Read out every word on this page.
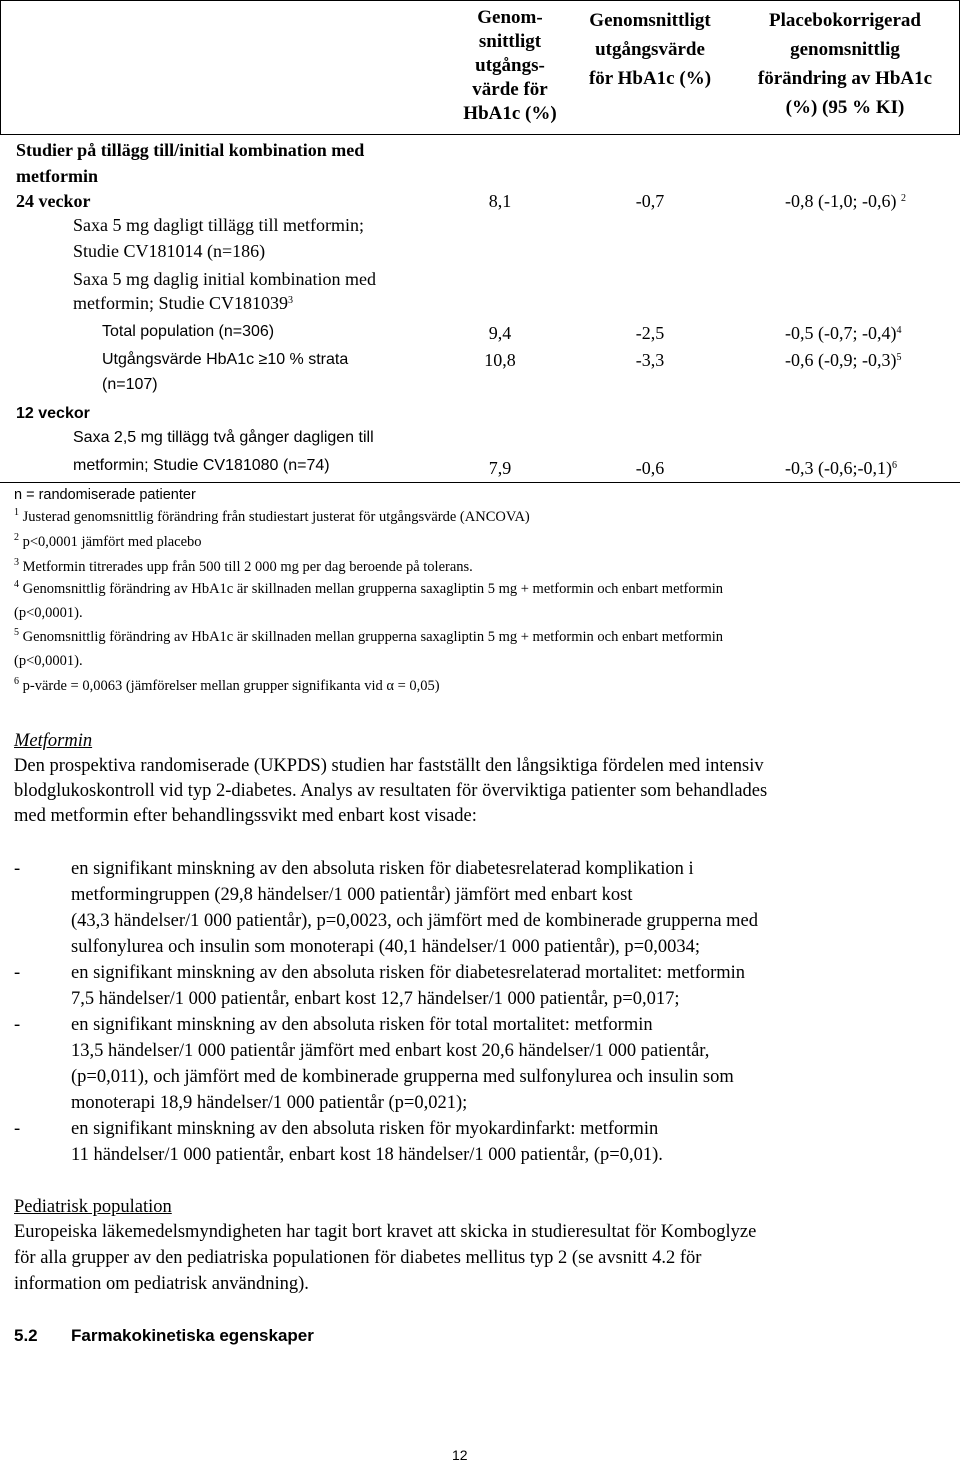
Genom-
snittligt
utgångs-
värde för
HbA1c (%)
Genomsnittligt
utgångsvärde
för HbA1c (%)
Placebokorrigerad
genomsnittlig
förändring av HbA1c
(%) (95 % KI)
Studier på tillägg till/initial kombination med
metformin
24 veckor	8,1	-0,7	-0,8 (-1,0; -0,6) $^2$
Saxa 5 mg dagligt tillägg till metformin;
Studie CV181014 (n=186)
Saxa 5 mg daglig initial kombination med
metformin; Studie CV181039$^3$
Total population (n=306)	9,4	-2,5	-0,5 (-0,7; -0,4)$^4$
Utgångsvärde HbA1c ≥10 % strata
(n=107)
10,8	-3,3	-0,6 (-0,9; -0,3)$^5$
12 veckor
Saxa 2,5 mg tillägg två gånger dagligen till
metformin; Studie CV181080 (n=74)	7,9	-0,6	-0,3 (-0,6;-0,1)$^6$
n = randomiserade patienter
$^1$ Justerad genomsnittlig förändring från studiestart justerat för utgångsvärde (ANCOVA)
$^2$ p<0,0001 jämfört med placebo
$^3$ Metformin titrerades upp från 500 till 2 000 mg per dag beroende på tolerans.
$^4$ Genomsnittlig förändring av HbA1c är skillnaden mellan grupperna saxagliptin 5 mg + metformin och enbart metformin
(p<0,0001).
$^5$ Genomsnittlig förändring av HbA1c är skillnaden mellan grupperna saxagliptin 5 mg + metformin och enbart metformin
(p<0,0001).
$^6$ p-värde = 0,0063 (jämförelser mellan grupper signifikanta vid α = 0,05)
Metformin
Den prospektiva randomiserade (UKPDS) studien har fastställt den långsiktiga fördelen med intensiv
blodglukoskontroll vid typ 2-diabetes. Analys av resultaten för överviktiga patienter som behandlades
med metformin efter behandlingssvikt med enbart kost visade:
-	en signifikant minskning av den absoluta risken för diabetesrelaterad komplikation i
metformingruppen (29,8 händelser/1 000 patientår) jämfört med enbart kost
(43,3 händelser/1 000 patientår), p=0,0023, och jämfört med de kombinerade grupperna med
sulfonylurea och insulin som monoterapi (40,1 händelser/1 000 patientår), p=0,0034;
-	en signifikant minskning av den absoluta risken för diabetesrelaterad mortalitet: metformin
7,5 händelser/1 000 patientår, enbart kost 12,7 händelser/1 000 patientår, p=0,017;
-	en signifikant minskning av den absoluta risken för total mortalitet: metformin
13,5 händelser/1 000 patientår jämfört med enbart kost 20,6 händelser/1 000 patientår,
(p=0,011), och jämfört med de kombinerade grupperna med sulfonylurea och insulin som
monoterapi 18,9 händelser/1 000 patientår (p=0,021);
-	en signifikant minskning av den absoluta risken för myokardinfarkt: metformin
11 händelser/1 000 patientår, enbart kost 18 händelser/1 000 patientår, (p=0,01).
Pediatrisk population
Europeiska läkemedelsmyndigheten har tagit bort kravet att skicka in studieresultat för Komboglyze
för alla grupper av den pediatriska populationen för diabetes mellitus typ 2 (se avsnitt 4.2 för
information om pediatrisk användning).
5.2 Farmakokinetiska egenskaper
12
